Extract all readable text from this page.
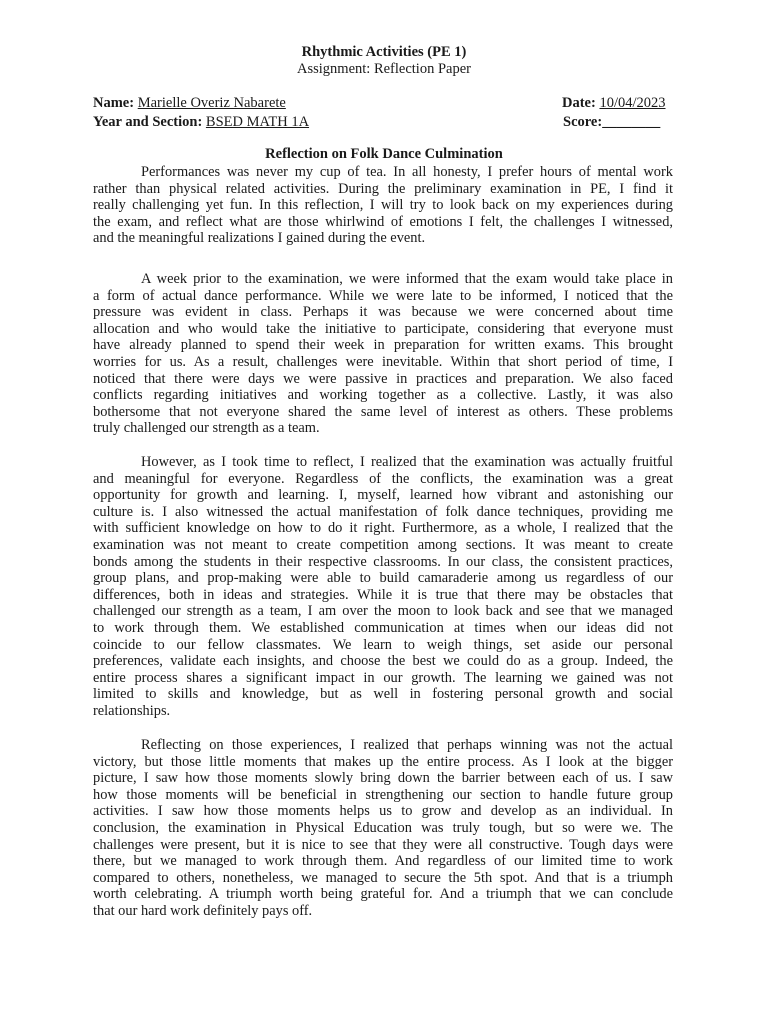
Rhythmic Activities (PE 1)
Assignment: Reflection Paper
Name: Marielle Overiz Nabarete	Date: 10/04/2023
Year and Section: BSED MATH 1A	Score:________
Reflection on Folk Dance Culmination
Performances was never my cup of tea. In all honesty, I prefer hours of mental work
rather than physical related activities. During the preliminary examination in PE, I find it
really challenging yet fun. In this reflection, I will try to look back on my experiences during
the exam, and reflect what are those whirlwind of emotions I felt, the challenges I witnessed,
and the meaningful realizations I gained during the event.
A week prior to the examination, we were informed that the exam would take place in
a form of actual dance performance. While we were late to be informed, I noticed that the
pressure was evident in class. Perhaps it was because we were concerned about time
allocation and who would take the initiative to participate, considering that everyone must
have already planned to spend their week in preparation for written exams. This brought
worries for us. As a result, challenges were inevitable. Within that short period of time, I
noticed that there were days we were passive in practices and preparation. We also faced
conflicts regarding initiatives and working together as a collective. Lastly, it was also
bothersome that not everyone shared the same level of interest as others. These problems
truly challenged our strength as a team.
However, as I took time to reflect, I realized that the examination was actually fruitful
and meaningful for everyone. Regardless of the conflicts, the examination was a great
opportunity for growth and learning. I, myself, learned how vibrant and astonishing our
culture is. I also witnessed the actual manifestation of folk dance techniques, providing me
with sufficient knowledge on how to do it right. Furthermore, as a whole, I realized that the
examination was not meant to create competition among sections. It was meant to create
bonds among the students in their respective classrooms. In our class, the consistent practices,
group plans, and prop-making were able to build camaraderie among us regardless of our
differences, both in ideas and strategies. While it is true that there may be obstacles that
challenged our strength as a team, I am over the moon to look back and see that we managed
to work through them. We established communication at times when our ideas did not
coincide to our fellow classmates. We learn to weigh things, set aside our personal
preferences, validate each insights, and choose the best we could do as a group. Indeed, the
entire process shares a significant impact in our growth. The learning we gained was not
limited to skills and knowledge, but as well in fostering personal growth and social
relationships.
Reflecting on those experiences, I realized that perhaps winning was not the actual
victory, but those little moments that makes up the entire process. As I look at the bigger
picture, I saw how those moments slowly bring down the barrier between each of us. I saw
how those moments will be beneficial in strengthening our section to handle future group
activities. I saw how those moments helps us to grow and develop as an individual. In
conclusion, the examination in Physical Education was truly tough, but so were we. The
challenges were present, but it is nice to see that they were all constructive. Tough days were
there, but we managed to work through them. And regardless of our limited time to work
compared to others, nonetheless, we managed to secure the 5th spot. And that is a triumph
worth celebrating. A triumph worth being grateful for. And a triumph that we can conclude
that our hard work definitely pays off.
